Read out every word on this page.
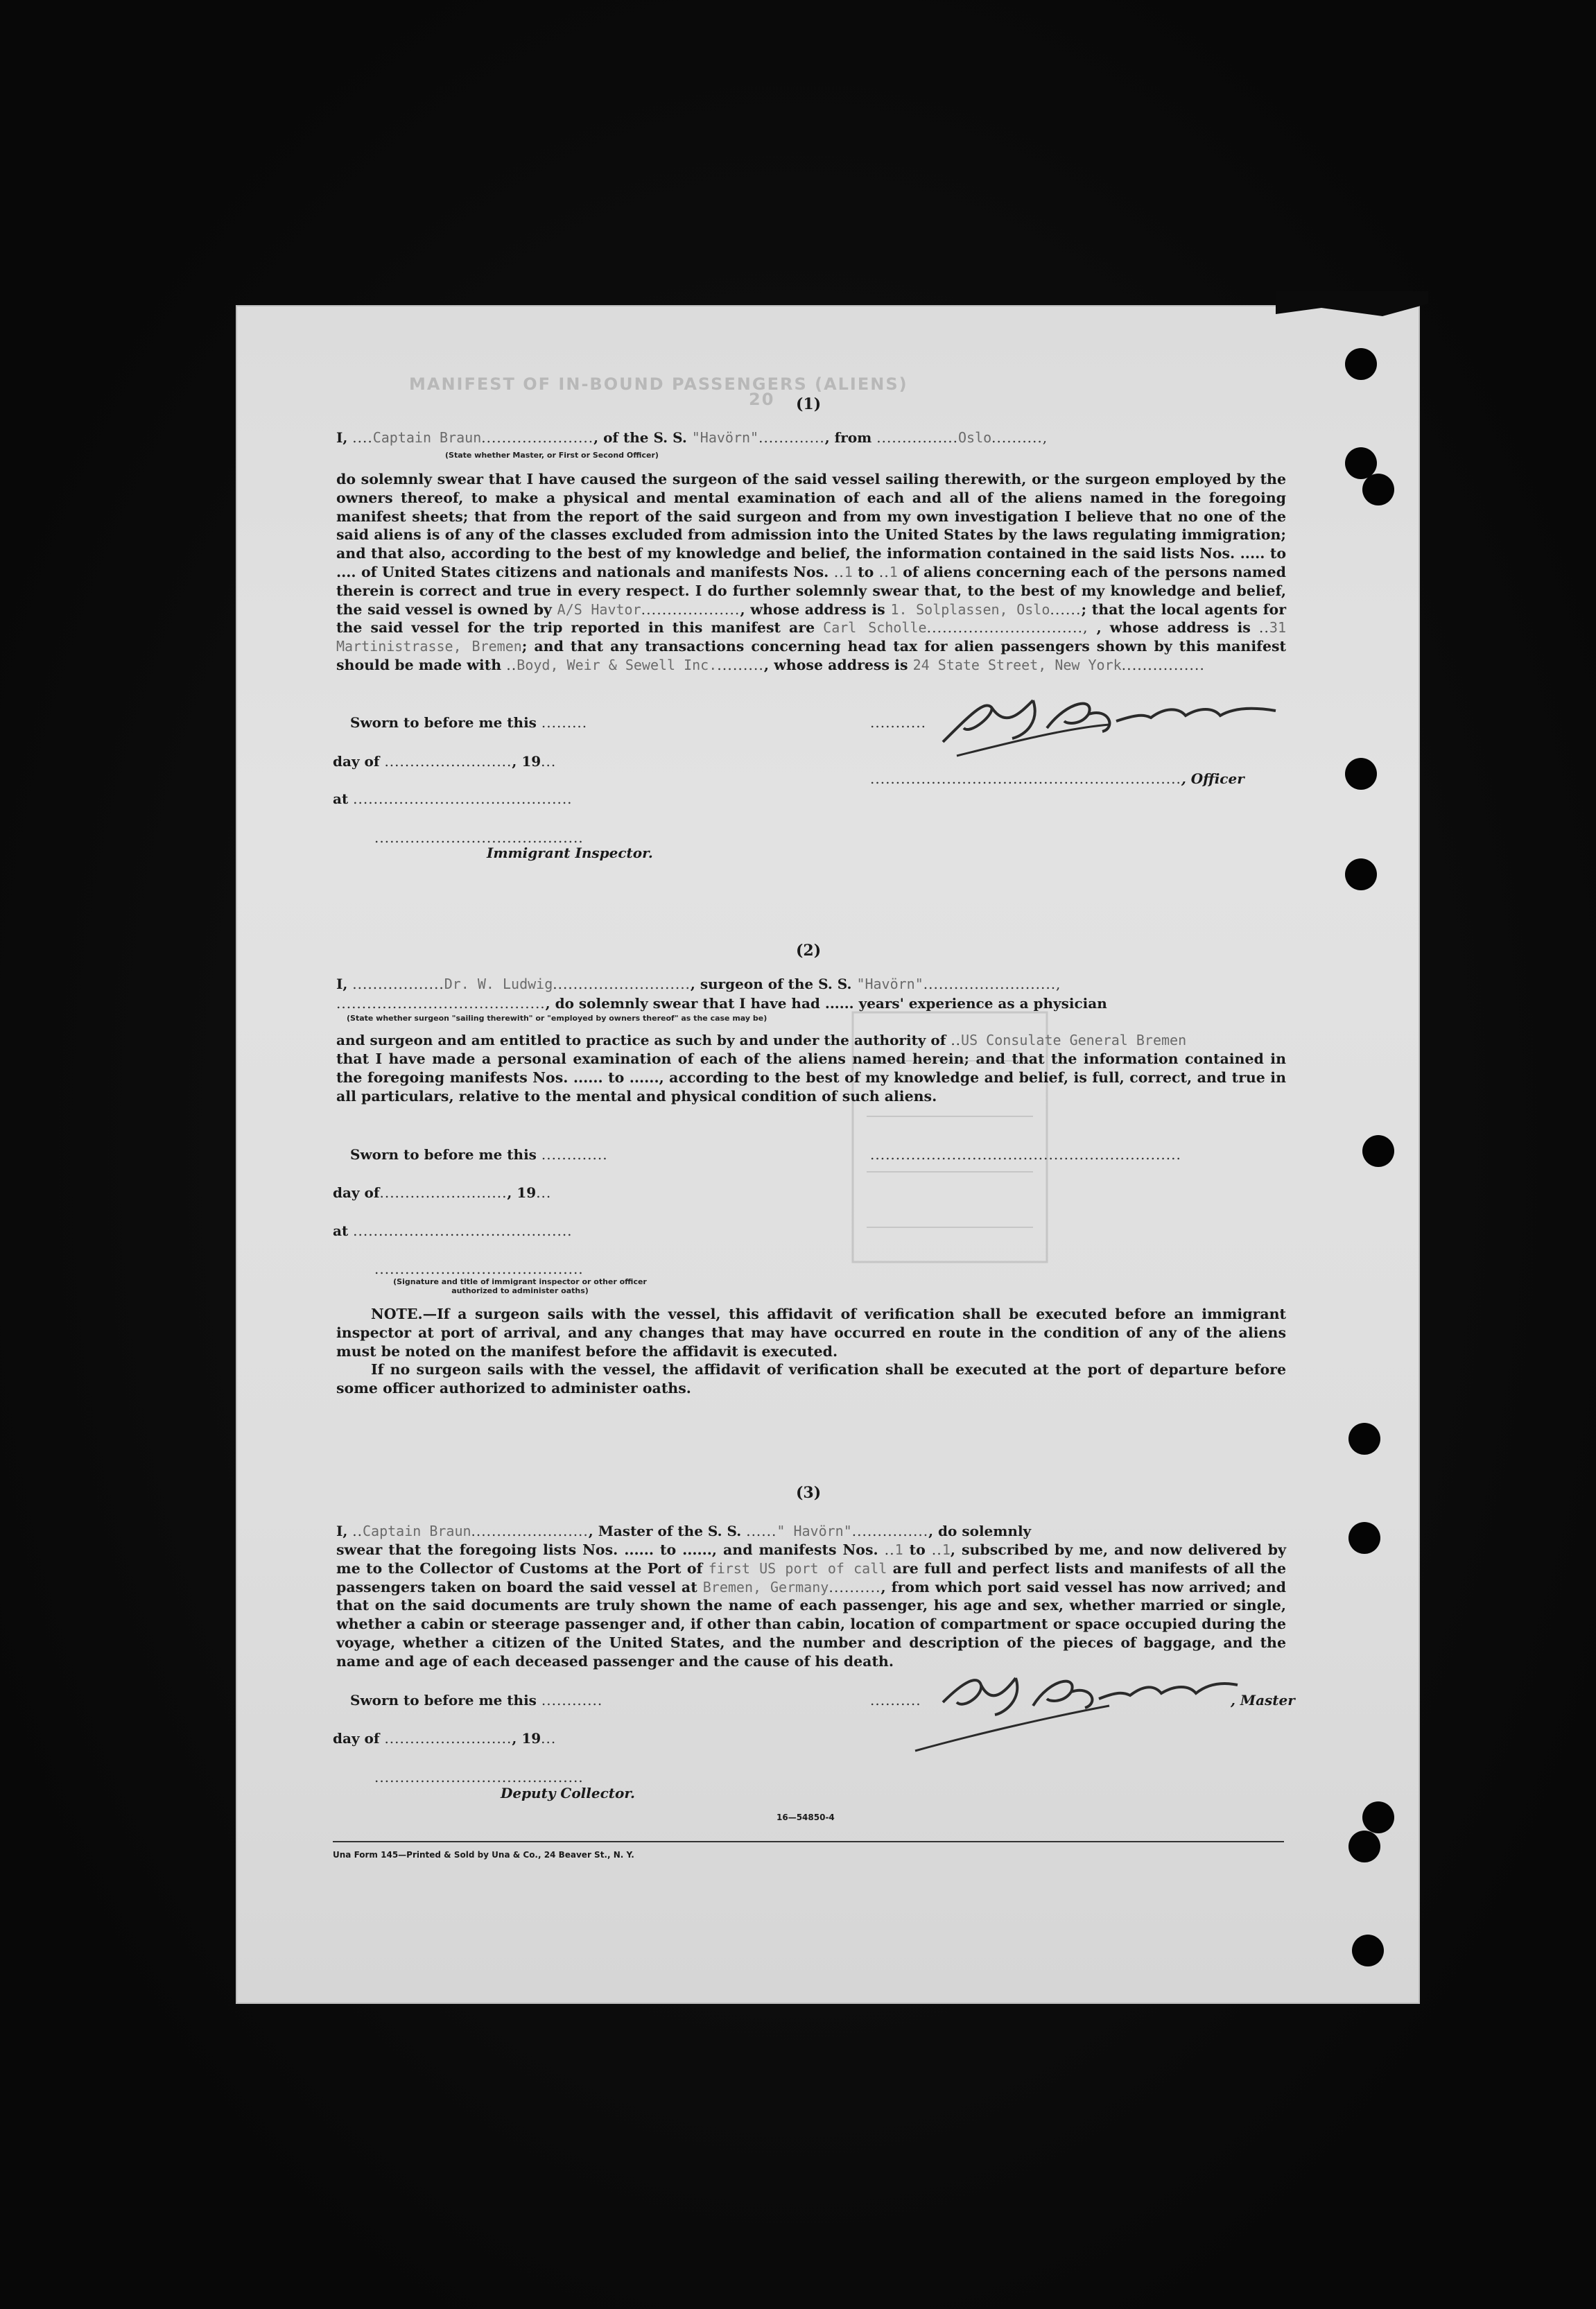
MANIFEST OF IN-BOUND PASSENGERS (ALIENS)
20 (1)
I, ....Captain Braun......................, of the S. S. "Havörn"............., from ................Oslo..........,
(State whether Master, or First or Second Officer)

do solemnly swear that I have caused the surgeon of the said vessel sailing therewith, or the surgeon employed by the owners thereof, to make a physical and mental examination of each and all of the aliens named in the foregoing manifest sheets; that from the report of the said surgeon and from my own investigation I believe that no one of the said aliens is of any of the classes excluded from admission into the United States by the laws regulating immigration; and that also, according to the best of my knowledge and belief, the information contained in the said lists Nos. ..... to .... of United States citizens and nationals and manifests Nos. ..1 to ..1 of aliens concerning each of the persons named therein is correct and true in every respect. I do further solemnly swear that, to the best of my knowledge and belief, the said vessel is owned by A/S Havtor..................., whose address is 1. Solplassen, Oslo......; that the local agents for the said vessel for the trip reported in this manifest are Carl Scholle.............................., , whose address is ..31 Martinistrasse, Bremen; and that any transactions concerning head tax for alien passengers shown by this manifest should be made with ..Boyd, Weir & Sewell Inc.........., whose address is 24 State Street, New York................

Sworn to before me this .........	...........
day of ........................., 19...
............................................................., Officer
at ...........................................
.........................................
Immigrant Inspector.
(2)
I, ..................Dr. W. Ludwig..........................., surgeon of the S. S. "Havörn"..........................,
........................................., do solemnly swear that I have had ...... years' experience as a physician
(State whether surgeon "sailing therewith" or "employed by owners thereof" as the case may be)
and surgeon and am entitled to practice as such by and under the authority of ..US Consulate General Bremen

that I have made a personal examination of each of the aliens named herein; and that the information contained in the foregoing manifests Nos. ...... to ......, according to the best of my knowledge and belief, is full, correct, and true in all particulars, relative to the mental and physical condition of such aliens.

Sworn to before me this .............	.............................................................
day of........................., 19...
at ...........................................
.........................................
(Signature and title of immigrant inspector or other officer authorized to administer oaths)

NOTE.—If a surgeon sails with the vessel, this affidavit of verification shall be executed before an immigrant inspector at port of arrival, and any changes that may have occurred en route in the condition of any of the aliens must be noted on the manifest before the affidavit is executed.

If no surgeon sails with the vessel, the affidavit of verification shall be executed at the port of departure before some officer authorized to administer oaths.

(3)
I, ..Captain Braun......................., Master of the S. S. ......" Havörn"..............., do solemnly

swear that the foregoing lists Nos. ...... to ......, and manifests Nos. ..1 to ..1, subscribed by me, and now delivered by me to the Collector of Customs at the Port of first US port of call are full and perfect lists and manifests of all the passengers taken on board the said vessel at Bremen, Germany.........., from which port said vessel has now arrived; and that on the said documents are truly shown the name of each passenger, his age and sex, whether married or single, whether a cabin or steerage passenger and, if other than cabin, location of compartment or space occupied during the voyage, whether a citizen of the United States, and the number and description of the pieces of baggage, and the name and age of each deceased passenger and the cause of his death.

Sworn to before me this ............	..........	, Master
day of ........................., 19...
.........................................
Deputy Collector.
16—54850-4
Una Form 145—Printed & Sold by Una & Co., 24 Beaver St., N. Y.
